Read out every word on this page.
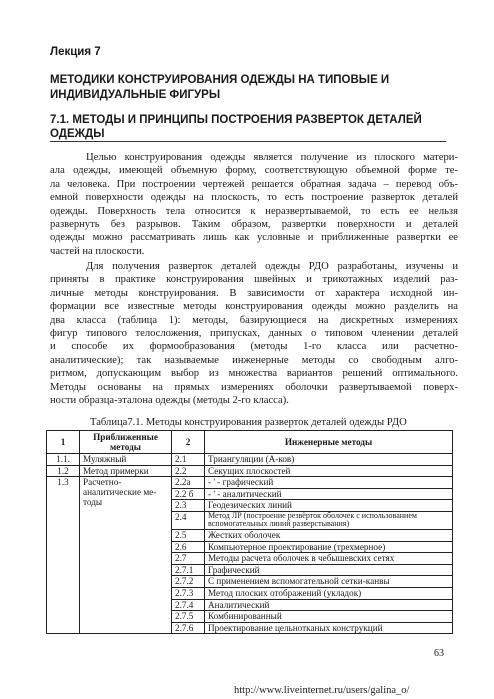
Лекция 7
МЕТОДИКИ КОНСТРУИРОВАНИЯ ОДЕЖДЫ НА ТИПОВЫЕ И
ИНДИВИДУАЛЬНЫЕ ФИГУРЫ
7.1. МЕТОДЫ И ПРИНЦИПЫ ПОСТРОЕНИЯ РАЗВЕРТОК ДЕТАЛЕЙ
ОДЕЖДЫ
Целью конструирования одежды является получение из плоского матери-
ала одежды, имеющей объемную форму, соответствующую объемной форме те-
ла человека. При построении чертежей решается обратная задача – перевод объ-
емной поверхности одежды на плоскость, то есть построение разверток деталей
одежды. Поверхность тела относится к неразвертываемой, то есть ее нельзя
развернуть без разрывов. Таким образом, развертки поверхности и деталей
одежды можно рассматривать лишь как условные и приближенные развертки ее
частей на плоскости.
Для получения разверток деталей одежды РДО разработаны, изучены и
приняты в практике конструирования швейных и трикотажных изделий раз-
личные методы конструирования. В зависимости от характера исходной ин-
формации все известные методы конструирования одежды можно разделить на
два класса (таблица 1): методы, базирующиеся на дискретных измерениях
фигур типового телосложения, припусках, данных о типовом членении деталей
и способе их формообразования (методы 1-го класса или расчетно-
аналитические); так называемые инженерные методы со свободным алго-
ритмом, допускающим выбор из множества вариантов решений оптимального.
Методы основаны на прямых измерениях оболочки развертываемой поверх-
ности образца-эталона одежды (методы 2-го класса).
Таблица7.1. Методы конструирования разверток деталей одежды РДО
1	Приближенные методы	2	Инженерные методы
1.1.	Муляжный	2.1	Триангуляции (А-ков)
1.2	Метод примерки	2.2	Секущих плоскостей
1.3	Расчетно-аналитические ме-тоды	2.2а	- ' - графический
		2.2 б	- ' - аналитический
		2.3	Геодезических линий
		2.4	Метод ЛР (построение резвёрток оболочек с использованием вспомогательных линий разверстывания)
		2.5	Жестких оболочек
		2.6	Компьютерное проектирование (трехмерное)
		2.7	Методы расчета оболочек в чебышевских сетях
		2.7.1	Графический
		2.7.2	С применением вспомогательной сетки-канвы
		2.7.3	Метод плоских отображений (укладок)
		2.7.4	Аналитический
		2.7.5	Комбинированный
		2.7.6	Проектирование цельнотканых конструкций
63
http://www.liveinternet.ru/users/galina_o/
